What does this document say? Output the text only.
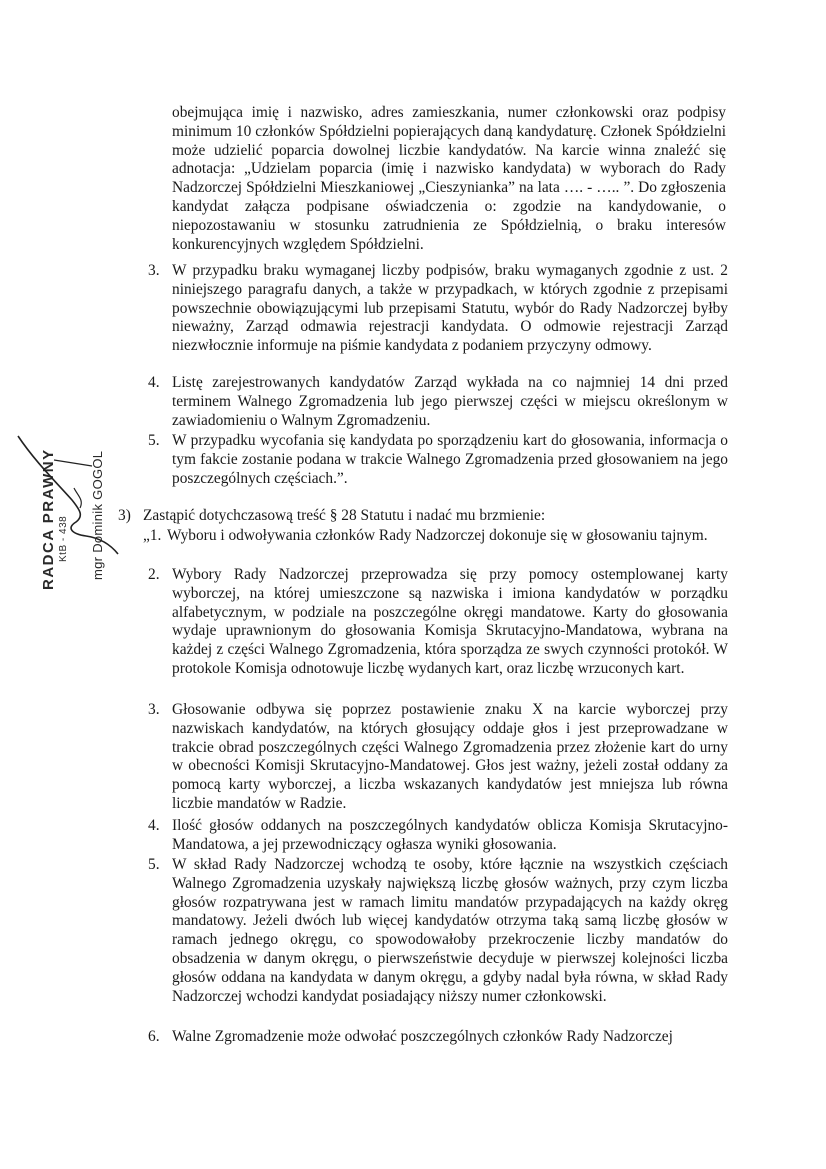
obejmująca imię i nazwisko, adres zamieszkania, numer członkowski oraz podpisy minimum 10 członków Spółdzielni popierających daną kandydaturę. Członek Spółdzielni może udzielić poparcia dowolnej liczbie kandydatów. Na karcie winna znaleźć się adnotacja: „Udzielam poparcia (imię i nazwisko kandydata) w wyborach do Rady Nadzorczej Spółdzielni Mieszkaniowej „Cieszynianka” na lata …. - ….. ”. Do zgłoszenia kandydat załącza podpisane oświadczenia o: zgodzie na kandydowanie, o niepozostawaniu w stosunku zatrudnienia ze Spółdzielnią, o braku interesów konkurencyjnych względem Spółdzielni.

3. W przypadku braku wymaganej liczby podpisów, braku wymaganych zgodnie z ust. 2 niniejszego paragrafu danych, a także w przypadkach, w których zgodnie z przepisami powszechnie obowiązującymi lub przepisami Statutu, wybór do Rady Nadzorczej byłby nieważny, Zarząd odmawia rejestracji kandydata. O odmowie rejestracji Zarząd niezwłocznie informuje na piśmie kandydata z podaniem przyczyny odmowy.

4. Listę zarejestrowanych kandydatów Zarząd wykłada na co najmniej 14 dni przed terminem Walnego Zgromadzenia lub jego pierwszej części w miejscu określonym w zawiadomieniu o Walnym Zgromadzeniu.

5. W przypadku wycofania się kandydata po sporządzeniu kart do głosowania, informacja o tym fakcie zostanie podana w trakcie Walnego Zgromadzenia przed głosowaniem na jego poszczególnych częściach.”.

3) Zastąpić dotychczasową treść § 28 Statutu i nadać mu brzmienie:

„1. Wyboru i odwoływania członków Rady Nadzorczej dokonuje się w głosowaniu tajnym.

2. Wybory Rady Nadzorczej przeprowadza się przy pomocy ostemplowanej karty wyborczej, na której umieszczone są nazwiska i imiona kandydatów w porządku alfabetycznym, w podziale na poszczególne okręgi mandatowe. Karty do głosowania wydaje uprawnionym do głosowania Komisja Skrutacyjno-Mandatowa, wybrana na każdej z części Walnego Zgromadzenia, która sporządza ze swych czynności protokół. W protokole Komisja odnotowuje liczbę wydanych kart, oraz liczbę wrzuconych kart.

3. Głosowanie odbywa się poprzez postawienie znaku X na karcie wyborczej przy nazwiskach kandydatów, na których głosujący oddaje głos i jest przeprowadzane w trakcie obrad poszczególnych części Walnego Zgromadzenia przez złożenie kart do urny w obecności Komisji Skrutacyjno-Mandatowej. Głos jest ważny, jeżeli został oddany za pomocą karty wyborczej, a liczba wskazanych kandydatów jest mniejsza lub równa liczbie mandatów w Radzie.

4. Ilość głosów oddanych na poszczególnych kandydatów oblicza Komisja Skrutacyjno- Mandatowa, a jej przewodniczący ogłasza wyniki głosowania.

5. W skład Rady Nadzorczej wchodzą te osoby, które łącznie na wszystkich częściach Walnego Zgromadzenia uzyskały największą liczbę głosów ważnych, przy czym liczba głosów rozpatrywana jest w ramach limitu mandatów przypadających na każdy okręg mandatowy. Jeżeli dwóch lub więcej kandydatów otrzyma taką samą liczbę głosów w ramach jednego okręgu, co spowodowałoby przekroczenie liczby mandatów do obsadzenia w danym okręgu, o pierwszeństwie decyduje w pierwszej kolejności liczba głosów oddana na kandydata w danym okręgu, a gdyby nadal była równa, w skład Rady Nadzorczej wchodzi kandydat posiadający niższy numer członkowski.

6. Walne Zgromadzenie może odwołać poszczególnych członków Rady Nadzorczej

RADCA PRAWNY KtB - 438 mgr Dominik GOGOL
